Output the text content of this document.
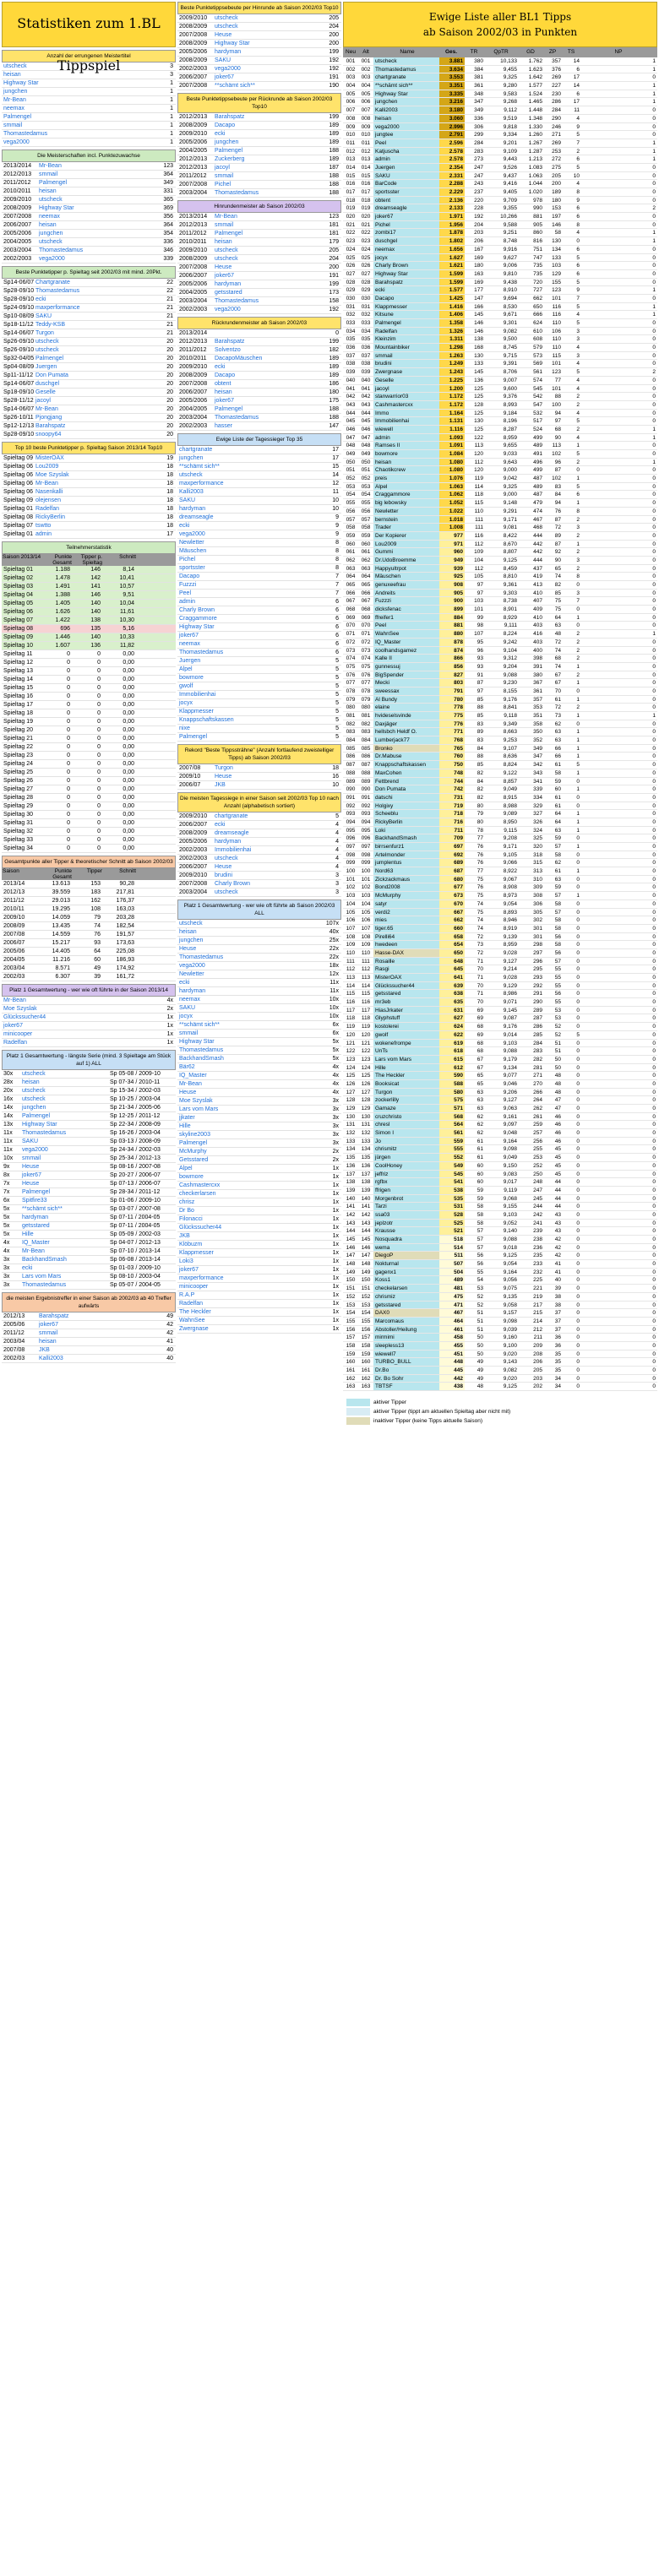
Statistiken zum 1.BL Tippspiel
Anzahl der errungenen Meistertitel
utscheck	3
heisan	3
Highway Star	1
jungchen	1
Mr-Bean	1
neemax	1
Palmengel	1
smmail	1
Thomastedamus	1
vega2000	1
Die Meisterschaften incl. Punktezuwachse
2013/2014	Mr-Bean	123
2012/2013	smmail	364
2011/2012	Palmengel	349
2010/2011	heisan	331
2009/2010	utscheck	365
2008/2009	Highway Star	369
2007/2008	neemax	356
2006/2007	heisan	364
2005/2006	jungchen	354
2004/2005	utscheck	336
2003/2004	Thomastedamus	346
2002/2003	vega2000	339
Beste Punktetipper p. Spieltag seit 2002/03 mit mind. 20Pkt.
Sp14-06/07 Chartgranate	22
Sp28-09/10 Thomastedamus	22
Sp28-09/10 ecki	21
Sp24-09/10 maxperformance	21
Sp10-08/09 SAKU	21
Sp18-11/12 Teddy-KSB	21
Sp14-06/07 Turgon	21
Sp26-09/10 utscheck	20
Sp26-09/10 utscheck	20
Sp32-04/05 Palmengel	20
Sp04-08/09 Juergen	20
Sp11-11/12 Don Pumata	20
Sp14-06/07 duschgel	20
Sp18-09/10 Geselle	20
Sp28-11/12 jacoyl	20
Sp14-06/07 Mr-Bean	20
Sp26-10/11 Pjongjang	20
Sp12-12/13 Barahspatz	20
Sp28-09/10 snoopy64	20
Top 10 beste Punktetipper p. Spieltag Saison 2013/14 Top10
Spieltag 09 MisterOAX	19
Spieltag 06 Lou2009	18
Spieltag 06 Moe Szyslak	18
Spieltag 06 Mr-Bean	18
Spieltag 06 Nasenkalli	18
Spieltag 09 olejensen	18
Spieltag 01 Radelfan	18
Spieltag 08 RickyBerlin	18
Spieltag 07 tswtto	18
Spieltag 01 admin	17
Teilnehmerstatistik
Saison 2013/14	Punkte Gesamt
Tipper p. Spieltag
Schnitt
Spieltag 01	1.188	146	8,14
Spieltag 02	1.478	142	10,41
Spieltag 03	1.491	141	10,57
Spieltag 04	1.388	146	9,51
Spieltag 05	1.405	140	10,04
Spieltag 06	1.626	140	11,61
Spieltag 07	1.422	138	10,30
Spieltag 08	696	135	5,16
Spieltag 09	1.446	140	10,33
Spieltag 10	1.607	136	11,82
Spieltag 11	0	0	0,00
Spieltag 12	0	0	0,00
Spieltag 13	0	0	0,00
Spieltag 14	0	0	0,00
Spieltag 15	0	0	0,00
Spieltag 16	0	0	0,00
Spieltag 17	0	0	0,00
Spieltag 18	0	0	0,00
Spieltag 19	0	0	0,00
Spieltag 20	0	0	0,00
Spieltag 21	0	0	0,00
Spieltag 22	0	0	0,00
Spieltag 23	0	0	0,00
Spieltag 24	0	0	0,00
Spieltag 25	0	0	0,00
Spieltag 26	0	0	0,00
Spieltag 27	0	0	0,00
Spieltag 28	0	0	0,00
Spieltag 29	0	0	0,00
Spieltag 30	0	0	0,00
Spieltag 31	0	0	0,00
Spieltag 32	0	0	0,00
Spieltag 33	0	0	0,00
Spieltag 34	0	0	0,00
Gesamtpunkte aller Tipper & theoretischer Schnitt ab Saison 2002/03
Saison	Punkte Gesamt
Tipper	Schnitt
2013/14	13.613	153	90,28
2012/13	39.559	183	217,81
2011/12	29.013	162	176,37
2010/11	19.295	108	163,03
2009/10	14.059	79	203,28
2008/09	13.435	74	182,54
2007/08	14.559	76	191,57
2006/07	15.217	93	173,63
2005/06	14.405	64	225,08
2004/05	11.216	60	186,93
2003/04	8.571	49	174,92
2002/03	6.307	39	161,72
Platz 1 Gesamtwertung - wer wie oft führte in der Saison 2013/14
Mr-Bean	4x
Moe Szyslak	2x
Glückssucher44	1x
joker67	1x
minicooper	1x
Radelfan	1x
Platz 1 Gesamtwertung - längste Serie (mind. 3 Spieltage am Stück auf 1) ALL
30x	utscheck	Sp 05-08 / 2009-10
28x	heisan	Sp 07-34 / 2010-11
20x	utscheck	Sp 15-34 / 2002-03
16x	utscheck	Sp 10-25 / 2003-04
14x	jungchen	Sp 21-34 / 2005-06
14x	Palmengel	Sp 12-25 / 2011-12
13x	Highway Star	Sp 22-34 / 2008-09
11x	Thomastedamus	Sp 16-26 / 2003-04
11x	SAKU	Sp 03-13 / 2008-09
11x	vega2000	Sp 24-34 / 2002-03
10x	smmail	Sp 25-34 / 2012-13
9x	Heuse	Sp 08-16 / 2007-08
8x	joker67	Sp 20-27 / 2006-07
7x	Heuse	Sp 07-13 / 2006-07
7x	Palmengel	Sp 28-34 / 2011-12
6x	Spitfire33	Sp 01-06 / 2009-10
5x	**schämt sich**	Sp 03-07 / 2007-08
5x	hardyman	Sp 07-11 / 2004-05
5x	getsstared	Sp 07-11 / 2004-05
5x	Hille	Sp 05-09 / 2002-03
4x	IQ_Master	Sp 04-07 / 2012-13
4x	Mr-Bean	Sp 07-10 / 2013-14
3x	BackhandSmash	Sp 06-08 / 2013-14
3x	ecki	Sp 01-03 / 2009-10
3x	Lars vom Mars	Sp 08-10 / 2003-04
3x	Thomastedamus	Sp 05-07 / 2004-05
die meisten Ergebnistreffer in einer Saison ab 2002/03 ab 40 Treffer aufwärts
2012/13	Barahspatz	49
2005/06	joker67	42
2011/12	smmail	42
2003/04	heisan	41
2007/08	JKB	40
2002/03	Kalli2003	40
Beste Punktetippsebeute per Hinrunde ab Saison 2002/03 Top10
2009/2010	utscheck	205
2008/2009	utscheck	204
2007/2008	Heuse	200
2008/2009	Highway Star	200
2005/2006	hardyman	199
2008/2009	SAKU	192
2002/2003	vega2000	192
2006/2007	joker67	191
2007/2008	**schämt sich**	190
Beste Punktetippsebeute per Rückrunde ab Saison 2002/03 Top10
2012/2013	Barahspatz	199
2008/2009	Dacapo	189
2009/2010	ecki	189
2005/2006	jungchen	189
2004/2005	Palmengel	188
2012/2013	Zuckerberg	189
2012/2013	jacoyl	187
2011/2012	smmail	188
2007/2008	Pichel	188
2003/2004	Thomastedamus	188
Hinrundenmeister ab Saison 2002/03
2013/2014	Mr-Bean	123
2012/2013	smmail	181
2011/2012	Palmengel	181
2010/2011	heisan	179
2009/2010	utscheck	205
2008/2009	utscheck	204
2007/2008	Heuse	200
2006/2007	joker67	191
2005/2006	hardyman	199
2004/2005	getsstared	173
2003/2004	Thomastedamus	158
2002/2003	vega2000	192
Rückrundenmeister ab Saison 2002/03
2013/2014	0
2012/2013	Barahspatz	199
2011/2012	Solventzo	182
2010/2011	DacapoMäuschen	189
2009/2010	ecki	189
2008/2009	Dacapo	189
2007/2008	obtent	186
2006/2007	heisan	180
2005/2006	joker67	175
2004/2005	Palmengel	188
2003/2004	Thomastedamus	188
2002/2003	hasser	147
Ewige Liste der Tagessieger Top 35
chartgranate	17
jungchen	17
**schämt sich**	15
utscheck	14
maxperformance	12
Kalli2003	11
SAKU	10
hardyman	10
dreamseagle	9
ecki	9
vega2000	9
Newletter	8
Mäuschen	8
Pichel	8
sportsster	8
Dacapo	7
Fuzzzi	7
Peel	7
admin	6
Charly Brown	6
Craggammore	6
Highway Star	6
joker67	6
neemax	6
Thomastedamus	6
Juergen	5
Alpel	5
bowmore	5
gwolf	5
Immobilienhai	5
jocyx	5
Klappmesser	5
Knappschaftskassen	5
nixe	5
Palmengel	5
Rekord "Beste Tippssträhne" (Anzahl fortlaufend zweistelliger Tipps) ab Saison 2002/03
2007/08	Turgon	18
2009/10	Heuse	16
2006/07	JKB	10
Die meisten Tagessiege in einer Saison seit 2002/03 Top 10 nach Anzahl (alphabetisch sortiert)
2009/2010	chartgranate	5
2006/2007	ecki	4
2008/2009	dreamseagle	4
2005/2006	hardyman	4
2002/2003	Immobilienhai	4
2002/2003	utscheck	4
2006/2007	Heuse	4
2009/2010	brudini	3
2007/2008	Charly Brown	3
2003/2004	utscheck	3
Platz 1 Gesamtwertung - wer wie oft führte ab Saison 2002/03 ALL
utscheck	107x
heisan	40x
jungchen	25x
Heuse	22x
Thomastedamus	22x
vega2000	18x
Newletter	12x
ecki	11x
hardyman	11x
neemax	10x
SAKU	10x
jocyx	10x
**schämt sich**	6x
smmail	6x
Highway Star	5x
Thomastedamus	5x
BackhandSmash	5x
Bär62	4x
IQ_Master	4x
Mr-Bean	4x
Heuse	4x
Moe Szyslak	3x
Lars vom Mars	3x
jjkater	3x
Hille	3x
skyline2003	3x
Palmengel	3x
McMurphy	2x
Getsstared	2x
Alpel	1x
bowmore	1x
Cashmastercxx	1x
checkerlarsen	1x
chrisz	1x
Dr Bo	1x
Filonacci	1x
Glückssucher44	1x
JKB	1x
Klöbuzm	1x
Klappmesser	1x
Loki3	1x
joker67	1x
maxperformance	1x
minicooper	1x
R.A.P	1x
Radelfan	1x
The Heckler	1x
WahnSee	1x
Zwergnase	1x
Ewige Liste aller BL1 Tipps
ab Saison 2002/03 in Punkten
Neu	Alt	Name	Ges.	TR	QpTR	GD	ZP	TS	NP
001	001 utscheck	3.881	380	10,133	1.762	357	14	1
002	002 Thomastedamus	3.634	384	9,455	1.623	376	6	1
003	003 chartgranate	3.553	381	9,325	1.642	269	17	0
004	004 **schämt sich**	3.351	361	9,280	1.577	227	14	1
005	005 Highway Star	3.335	348	9,583	1.524	230	6	1
006	006 jungchen	3.216	347	9,268	1.465	286	17	1
007	007 Kalli2003	3.180	349	9,112	1.448	284	11	0
008	008 heisan	3.060	336	9,519	1.348	290	4	0
009	009 vega2000	2.996	306	9,818	1.330	246	9	0
010	010 jungtee	2.791	299	9,334	1.260	271	5	0
011	011 Peel	2.596	284	9,201	1.267	269	7	1
012	012 Katjuscha	2.578	283	9,109	1.287	253	2	1
013	013 admin	2.578	273	9,443	1.213	272	6	1
014	014 Juergen	2.354	247	9,526	1.083	275	5	0
015	015 SAKU	2.331	247	9,437	1.063	205	10	0
016	016 BarCode	2.288	243	9,416	1.044	200	4	0
017	017 sportsster	2.229	237	9,405	1.020	189	8	0
018	018 obtent	2.136	220	9,709	978	180	9	0
019	019 dreamseagle	2.133	228	9,355	990	153	6	2
020	020 joker67	1.971	192	10,266	881	197	6	0
021	021 Pichel	1.956	204	9,588	905	146	8	0
022	022 zombi17	1.878	203	9,251	860	58	4	1
023	023 duschgel	1.802	206	8,748	816	130	0	1
024	024 neemax	1.656	167	9,916	751	134	6	0
025	025 jocyx	1.627	169	9,627	747	133	5	0
026	026 Charly Brown	1.621	180	9,006	735	103	6	0
027	027 Highway Star	1.599	163	9,810	735	129	6	0
028	028 Barahspatz	1.599	169	9,438	720	155	5	0
029	029 ecki	1.577	177	8,910	727	123	9	1
030	030 Dacapo	1.425	147	9,694	662	101	7	0
031	031 Klappmesser	1.416	166	8,530	650	116	5	1
032	032 Kitsune	1.406	145	9,671	666	116	4	1
033	033 Palmengel	1.358	146	9,301	624	110	5	0
034	034 Radelfan	1.326	146	9,082	610	106	3	0
035	035 Kleinzim	1.311	138	9,500	608	110	3	0
036	036 Mountainbiker	1.298	168	8,745	579	110	4	0
037	037 smmail	1.263	130	9,715	573	115	3	0
038	038 brudini	1.249	133	9,391	569	101	4	0
039	039 Zwergnase	1.243	145	8,706	561	123	5	2
040	040 Geselle	1.225	136	9,007	574	77	4	0
041	041 jacoyl	1.200	125	9,600	545	101	4	0
042	042 stanwarrior03	1.172	125	9,376	542	88	2	0
043	043 Cashmastercxx	1.172	128	8,993	547	100	2	0
044	044 Immo	1.164	125	9,184	532	94	4	0
045	045 Immobilienhai	1.131	130	8,196	517	97	5	0
046	046 wiewell	1.116	125	8,287	524	68	2	1
047	047 admin	1.093	122	8,959	499	90	4	1
048	048 Ramses II	1.091	113	9,655	489	113	1	0
049	049 bowmore	1.084	120	9,033	491	102	5	0
050	050 heisan	1.080	112	9,643	496	96	2	1
051	051 Chaotikcrew	1.080	120	9,000	499	87	0	0
052	052 preis	1.076	119	9,042	487	102	1	0
053	053 Alpel	1.063	114	9,325	489	83	5	0
054	054 Craggammore	1.062	118	9,000	487	84	6	0
055	055 big lebowsky	1.052	115	9,148	479	94	1	0
056	056 Newletter	1.022	110	9,291	474	76	8	0
057	057 bernstein	1.018	111	9,171	467	87	2	0
058	058 Trader	1.008	111	9,081	468	72	3	0
059	059 Der Kopierer	977	116	8,422	444	89	2	0
060	060 Lou2009	971	112	8,670	442	87	1	0
061	061 Gummi	960	109	8,807	442	92	2	0
062	062 Dr.UdoBroemme	949	104	9,125	444	90	3	0
063	063 Happyultrpot	939	112	8,459	437	65	2	0
064	064 Mäuschen	925	105	8,810	419	74	8	0
065	065 genuxeefrau	908	97	9,361	413	82	0	0
066	066 Andreits	905	97	9,303	410	85	3	0
067	067 Fuzzzi	900	103	8,738	407	75	7	0
068	068 dicksfenac	899	101	8,901	409	75	0	0
069	069 ffreifer1	884	99	8,929	410	64	1	0
070	070 Peel	881	98	9,111	403	63	0	0
071	071 WahnSee	880	107	8,224	416	48	2	1
072	072 IQ_Master	878	95	9,242	403	72	2	0
073	073 coolhandsgamez	874	96	9,104	400	74	2	0
074	074 Kalle II	866	93	9,312	398	68	2	0
075	075 gunnessuj	856	93	9,204	391	74	1	0
076	076 BigSpender	827	91	9,088	380	67	2	0
077	077 Mecki	803	87	9,230	367	67	1	0
078	078 sweessax	791	97	8,155	361	70	0	0
079	079 Al Bundy	780	85	9,176	357	61	1	0
080	080 elaine	778	88	8,841	353	72	2	0
081	081 hvideselsvinde	775	85	9,118	351	73	1	1
082	082 Daxjäger	776	83	9,349	358	62	0	0
083	083 hellsbch Heldf O.	771	89	8,663	350	63	1	0
084	084 Lumberjack77	768	83	9,253	352	63	1	0
085	085 Bronko	765	84	9,107	349	66	1	0
086	086 Dr.Mabuse	760	88	8,636	347	66	1	0
087	087 Knappschaftskassen	750	85	8,824	342	61	5	0
088	088 MaxCohen	748	82	9,122	343	58	1	0
089	089 Fettbrend	744	84	8,857	341	59	0	0
090	090 Don Pumata	742	82	9,049	339	60	1	0
091	091 datschi	731	82	8,915	334	61	0	0
092	092 Holgixy	719	80	8,988	329	61	0	0
093	093 Scheeblu	718	79	9,089	327	64	1	0
094	094 RickyBerlin	716	80	8,950	326	64	1	0
095	095 Loki	711	78	9,115	324	63	1	0
096	096 BackhandSmash	709	77	9,208	325	59	0	0
097	097 birrsenfurz1	697	76	9,171	320	57	1	0
098	098 Artelmonder	692	76	9,105	318	58	0	0
099	099 jumplentus	689	76	9,066	315	62	0	0
100	100 Nord63	687	77	8,922	313	61	1	0
101	101 Zickzackmaus	680	75	9,067	310	63	0	0
102	102 Bond2008	677	76	8,908	309	59	0	0
103	103 McMurphy	673	75	8,973	308	57	1	0
104	104 satyr	670	74	9,054	306	58	0	0
105	105 verdi2	667	75	8,893	305	57	0	0
106	106 mies	662	74	8,946	302	58	0	0
107	107 tiger.65	660	74	8,919	301	58	0	0
108	108 Pirelli64	658	72	9,139	301	56	0	0
109	109 hwedeen	654	73	8,959	298	58	0	0
110	110 Hasse-DAX	650	72	9,028	297	56	0	0
111	111 Rosaille	648	71	9,127	296	57	0	0
112	112 Rasgi	645	70	9,214	295	55	0	0
113	113 MisterOAX	641	71	9,028	293	55	0	0
114	114 Glückssucher44	639	70	9,129	292	55	0	0
115	115 getsstared	638	71	8,986	291	56	0	0
116	116 mr3eb	635	70	9,071	290	55	0	0
117	117 HiasJrkater	631	69	9,145	289	53	0	0
118	118 Glyphstuff	627	69	9,087	287	53	0	0
119	119 kostolerei	624	68	9,176	286	52	0	0
120	120 gwolf	622	69	9,014	285	52	5	0
121	121 wokenefrompe	619	68	9,103	284	51	0	0
122	122 UnTs	618	68	9,088	283	51	0	0
123	123 Lars vom Mars	615	67	9,179	282	50	0	0
124	124 Hille	612	67	9,134	281	50	0	0
125	125 The Heckler	590	65	9,077	271	48	0	0
126	126 Booksicat	588	65	9,046	270	48	0	0
127	127 Turgon	580	63	9,206	266	48	0	0
128	128 zockerlilly	575	63	9,127	264	47	0	0
129	129 Gamaze	571	63	9,063	262	47	0	0
130	130 cruzchristo	568	62	9,161	261	46	0	0
131	131 chresl	564	62	9,097	259	46	0	0
132	132 Simon I	561	62	9,048	257	46	0	0
133	133 Jo	559	61	9,164	256	46	0	0
134	134 chrismitz	555	61	9,098	255	45	0	0
135	135 jürgen	552	61	9,049	253	45	0	0
136	136 CoolHoney	549	60	9,150	252	45	0	0
137	137 jeffriz	545	60	9,083	250	45	0	0
138	138 rgfbx	541	60	9,017	248	44	0	0
139	139 ffrigen	538	59	9,119	247	44	0	0
140	140 Morgenbrot	535	59	9,068	245	44	0	0
141	141 Tarzi	531	58	9,155	244	44	0	0
142	142 ssa03	528	58	9,103	242	43	0	0
143	143 jeplzotr	525	58	9,052	241	43	0	0
144	144 Krausse	521	57	9,140	239	43	0	0
145	145 Nosquadra	518	57	9,088	238	42	0	0
146	146 wema	514	57	9,018	236	42	0	0
147	147 DiegoP	511	56	9,125	235	42	0	0
148	148 Nokturnal	507	56	9,054	233	41	0	0
149	149 gagenx1	504	55	9,164	232	41	0	0
150	150 Koss1	489	54	9,056	225	40	0	0
151	151 checkelarsen	481	53	9,075	221	39	0	0
152	152 chrismiz	475	52	9,135	219	38	0	0
153	153 getsstared	471	52	9,058	217	38	0	0
154	154 DAX0	467	51	9,157	215	37	0	0
155	155 Marcomaus	464	51	9,098	214	37	0	0
156	156 Abstoller/Heilung	461	51	9,039	212	37	0	0
157	157 mirmimi	458	50	9,160	211	36	0	0
158	158 sleepless13	455	50	9,100	209	36	0	0
159	159 wiewell7	451	50	9,020	208	35	0	0
160	160 TURBO_BULL	448	49	9,143	206	35	0	0
161	161 Dr.Bo	445	49	9,082	205	35	0	0
162	162 Dr. Bo Sohr	442	49	9,020	203	34	0	0
163	163 TBTSF	438	48	9,125	202	34	0	0
aktiver Tipper
aktiver Tipper (tippt am aktuellen Spieltag aber nicht mit)
inaktiver Tipper (keine Tipps aktuelle Saison)
